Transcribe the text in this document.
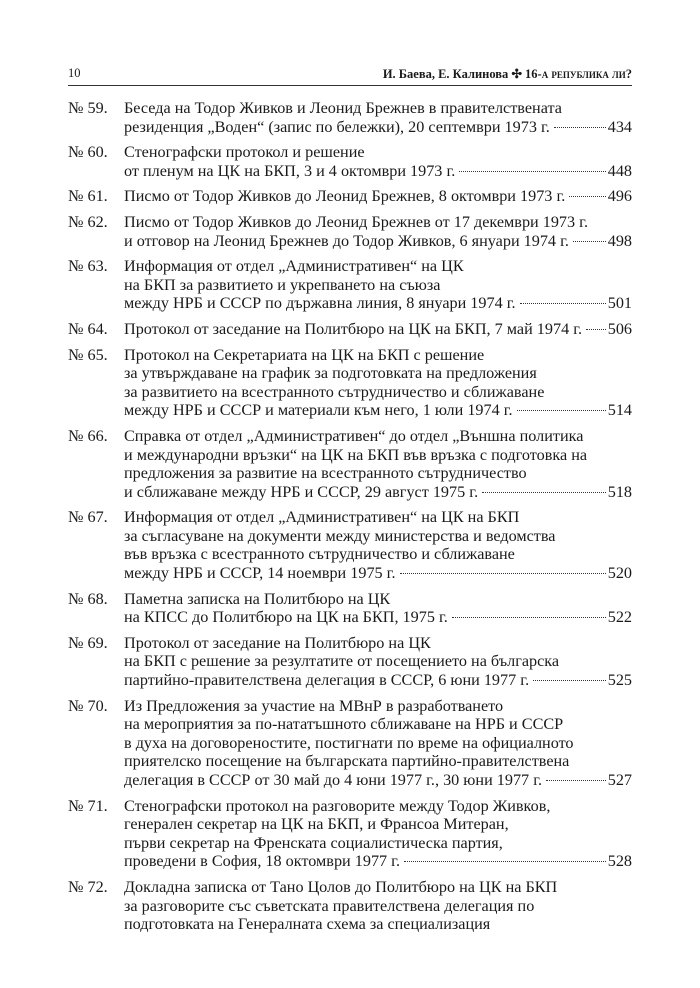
10	И. Баева, Е. Калинова ✣ 16-а република ли?
№ 59. Беседа на Тодор Живков и Леонид Брежнев в правителствената
резиденция „Воден“ (запис по бележки), 20 септември 1973 г.	434
№ 60. Стенографски протокол и решение
от пленум на ЦК на БКП, 3 и 4 октомври 1973 г.	448
№ 61. Писмо от Тодор Живков до Леонид Брежнев, 8 октомври 1973 г.	496
№ 62. Писмо от Тодор Живков до Леонид Брежнев от 17 декември 1973 г.
и отговор на Леонид Брежнев до Тодор Живков, 6 януари 1974 г. 498
№ 63. Информация от отдел „Административен“ на ЦК
на БКП за развитието и укрепването на съюза
между НРБ и СССР по държавна линия, 8 януари 1974 г.	501
№ 64. Протокол от заседание на Политбюро на ЦК на БКП, 7 май 1974 г. 506
№ 65. Протокол на Секретариата на ЦК на БКП с решение
за утвърждаване на график за подготовката на предложения
за развитието на всестранното сътрудничество и сближаване
между НРБ и СССР и материали към него, 1 юли 1974 г.	514
№ 66. Справка от отдел „Административен“ до отдел „Външна политика
и международни връзки“ на ЦК на БКП във връзка с подготовка на
предложения за развитие на всестранното сътрудничество
и сближаване между НРБ и СССР, 29 август 1975 г.	518
№ 67. Информация от отдел „Административен“ на ЦК на БКП
за съгласуване на документи между министерства и ведомства
във връзка с всестранното сътрудничество и сближаване
между НРБ и СССР, 14 ноември 1975 г.	520
№ 68. Паметна записка на Политбюро на ЦК
на КПСС до Политбюро на ЦК на БКП, 1975 г.	522
№ 69. Протокол от заседание на Политбюро на ЦК
на БКП с решение за резултатите от посещението на българска
партийно-правителствена делегация в СССР, 6 юни 1977 г.	525
№ 70. Из Предложения за участие на МВнР в разработването
на мероприятия за по-нататъшното сближаване на НРБ и СССР
в духа на договореностите, постигнати по време на официалното
приятелско посещение на българската партийно-правителствена
делегация в СССР от 30 май до 4 юни 1977 г., 30 юни 1977 г.	527
№ 71. Стенографски протокол на разговорите между Тодор Живков,
генерален секретар на ЦК на БКП, и Франсоа Митеран,
първи секретар на Френската социалистическа партия,
проведени в София, 18 октомври 1977 г.	528
№ 72. Докладна записка от Тано Цолов до Политбюро на ЦК на БКП
за разговорите със съветската правителствена делегация по
подготовката на Генералната схема за специализация
